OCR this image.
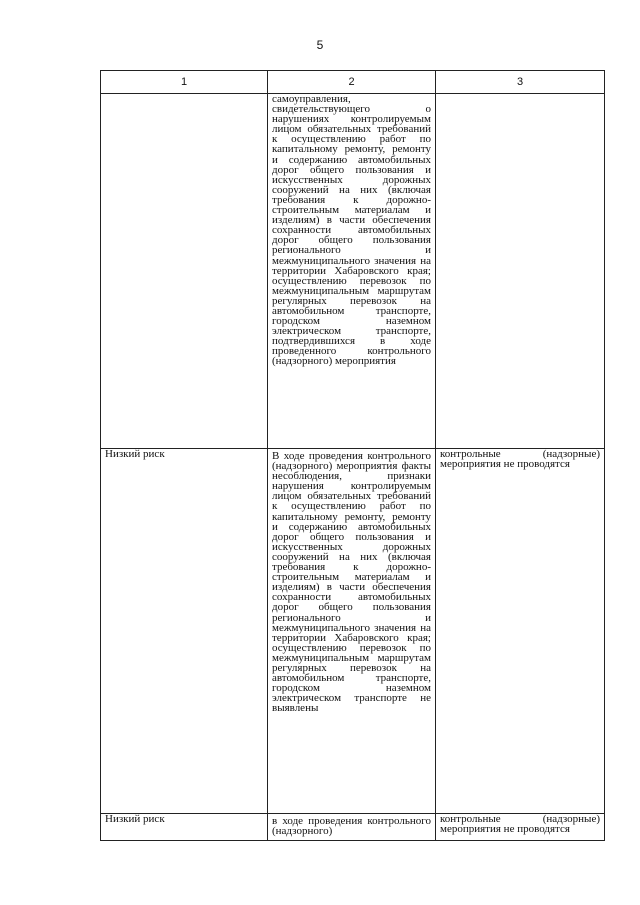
5
1	2	3
	самоуправления, свидетельствующего о нарушениях контролируемым лицом обязательных требований к осуществлению работ по капитальному ремонту, ремонту и содержанию автомобильных дорог общего пользования и искусственных дорожных сооружений на них (включая требования к дорожно-строительным материалам и изделиям) в части обеспечения сохранности автомобильных дорог общего пользования регионального и межмуниципального значения на территории Хабаровского края; осуществлению перевозок по межмуниципальным маршрутам регулярных перевозок на автомобильном транспорте, городском наземном электрическом транспорте, подтвердившихся в ходе проведенного контрольного (надзорного) мероприятия	
Низкий риск	В ходе проведения контрольного (надзорного) мероприятия факты несоблюдения, признаки нарушения контролируемым лицом обязательных требований к осуществлению работ по капитальному ремонту, ремонту и содержанию автомобильных дорог общего пользования и искусственных дорожных сооружений на них (включая требования к дорожно-строительным материалам и изделиям) в части обеспечения сохранности автомобильных дорог общего пользования регионального и межмуниципального значения на территории Хабаровского края; осуществлению перевозок по межмуниципальным маршрутам регулярных перевозок на автомобильном транспорте, городском наземном электрическом транспорте не выявлены	контрольные (надзорные) мероприятия не проводятся
Низкий риск	в ходе проведения контрольного (надзорного)	контрольные (надзорные) мероприятия не проводятся
